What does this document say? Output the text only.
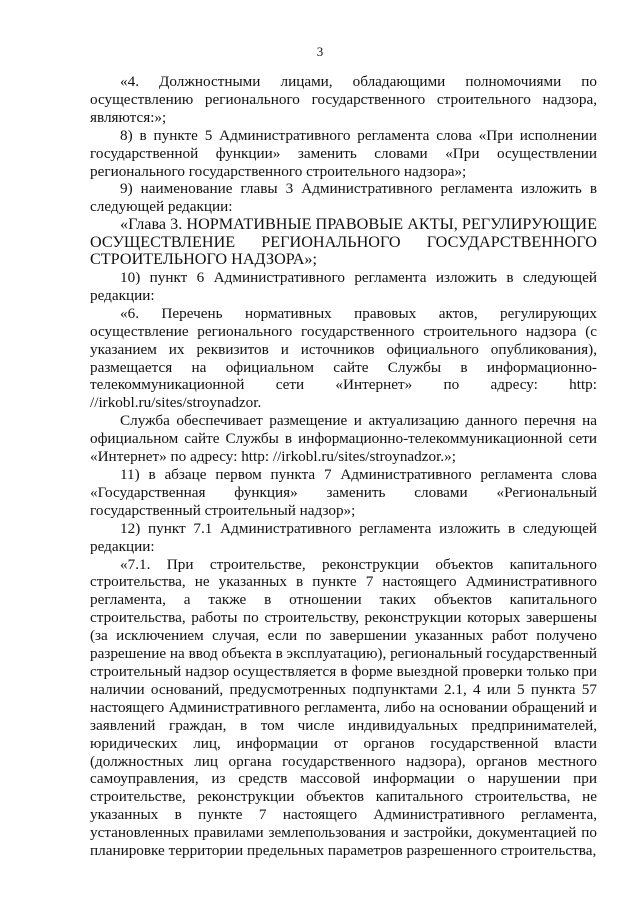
3

«4. Должностными лицами, обладающими полномочиями по осуществлению регионального государственного строительного надзора, являются:»;

8) в пункте 5 Административного регламента слова «При исполнении государственной функции» заменить словами «При осуществлении регионального государственного строительного надзора»;

9) наименование главы 3 Административного регламента изложить в следующей редакции:

«Глава 3. НОРМАТИВНЫЕ ПРАВОВЫЕ АКТЫ, РЕГУЛИРУЮЩИЕ ОСУЩЕСТВЛЕНИЕ РЕГИОНАЛЬНОГО ГОСУДАРСТВЕННОГО СТРОИТЕЛЬНОГО НАДЗОРА»;

10) пункт 6 Административного регламента изложить в следующей редакции:

«6. Перечень нормативных правовых актов, регулирующих осуществление регионального государственного строительного надзора (с указанием их реквизитов и источников официального опубликования), размещается на официальном сайте Службы в информационно-телекоммуникационной сети «Интернет» по адресу: http: //irkobl.ru/sites/stroynadzor.

Служба обеспечивает размещение и актуализацию данного перечня на официальном сайте Службы в информационно-телекоммуникационной сети «Интернет» по адресу: http: //irkobl.ru/sites/stroynadzor.»;

11) в абзаце первом пункта 7 Административного регламента слова «Государственная функция» заменить словами «Региональный государственный строительный надзор»;

12) пункт 7.1 Административного регламента изложить в следующей редакции:

«7.1. При строительстве, реконструкции объектов капитального строительства, не указанных в пункте 7 настоящего Административного регламента, а также в отношении таких объектов капитального строительства, работы по строительству, реконструкции которых завершены (за исключением случая, если по завершении указанных работ получено разрешение на ввод объекта в эксплуатацию), региональный государственный строительный надзор осуществляется в форме выездной проверки только при наличии оснований, предусмотренных подпунктами 2.1, 4 или 5 пункта 57 настоящего Административного регламента, либо на основании обращений и заявлений граждан, в том числе индивидуальных предпринимателей, юридических лиц, информации от органов государственной власти (должностных лиц органа государственного надзора), органов местного самоуправления, из средств массовой информации о нарушении при строительстве, реконструкции объектов капитального строительства, не указанных в пункте 7 настоящего Административного регламента, установленных правилами землепользования и застройки, документацией по планировке территории предельных параметров разрешенного строительства,
